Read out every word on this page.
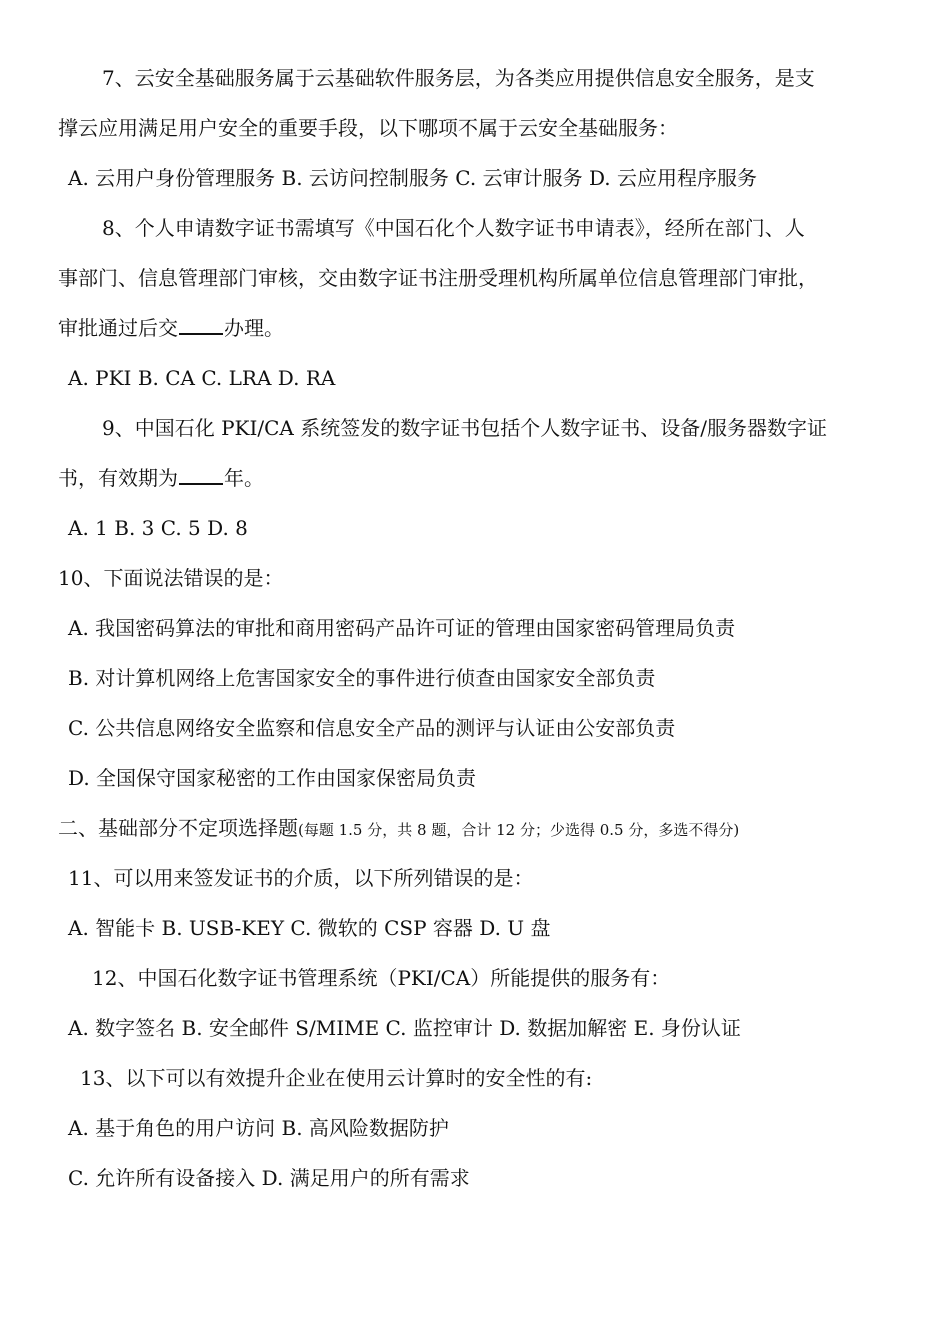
7、云安全基础服务属于云基础软件服务层，为各类应用提供信息安全服务，是支
撑云应用满足用户安全的重要手段，以下哪项不属于云安全基础服务：
A. 云用户身份管理服务 B. 云访问控制服务 C. 云审计服务 D. 云应用程序服务
8、个人申请数字证书需填写《中国石化个人数字证书申请表》，经所在部门、人
事部门、信息管理部门审核，交由数字证书注册受理机构所属单位信息管理部门审批，
审批通过后交 办理。
A. PKI B. CA C. LRA D. RA
9、中国石化 PKI/CA 系统签发的数字证书包括个人数字证书、设备/服务器数字证
书，有效期为 年。
A. 1 B. 3 C. 5 D. 8
10、下面说法错误的是：
A. 我国密码算法的审批和商用密码产品许可证的管理由国家密码管理局负责
B. 对计算机网络上危害国家安全的事件进行侦查由国家安全部负责
C. 公共信息网络安全监察和信息安全产品的测评与认证由公安部负责
D. 全国保守国家秘密的工作由国家保密局负责
二、基础部分不定项选择题(每题 1.5 分，共 8 题，合计 12 分；少选得 0.5 分，多选不得分)
11、可以用来签发证书的介质，以下所列错误的是：
A. 智能卡 B. USB-KEY C. 微软的 CSP 容器 D. U 盘
12、中国石化数字证书管理系统（PKI/CA）所能提供的服务有：
A. 数字签名 B. 安全邮件 S/MIME C. 监控审计 D. 数据加解密 E. 身份认证
13、以下可以有效提升企业在使用云计算时的安全性的有:
A. 基于角色的用户访问 B. 高风险数据防护
C. 允许所有设备接入 D. 满足用户的所有需求
